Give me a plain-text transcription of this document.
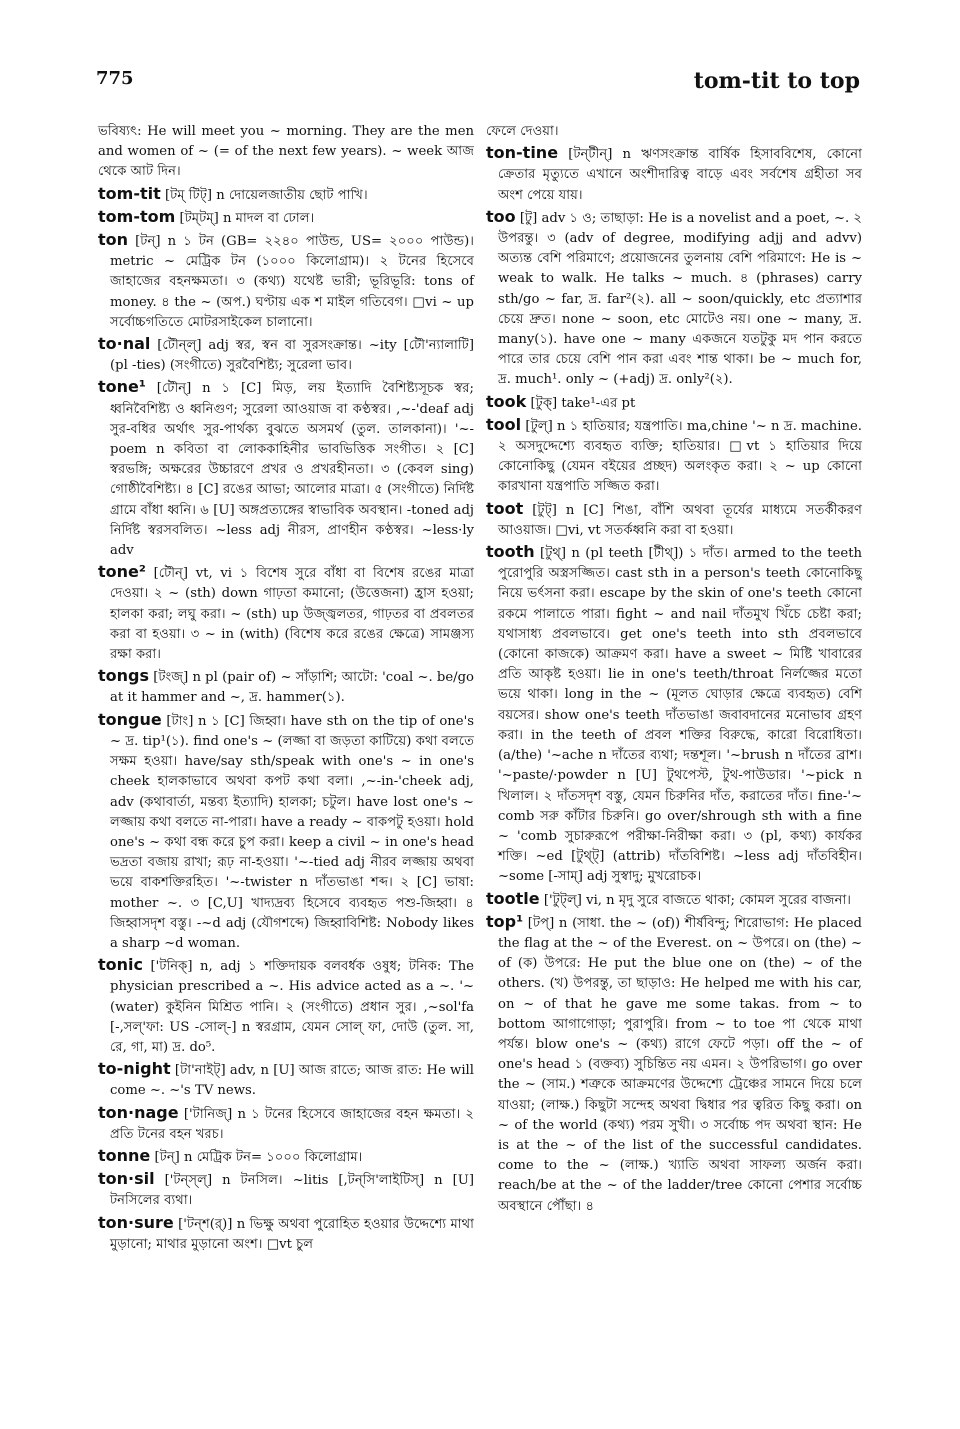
775	tom-tit to top

ভবিষ্যৎ: He will meet you ~ morning. They are the men and women of ~ (= of the next few years). ~ week আজ থেকে আট দিন।

tom-tit [টম্ টিট্] n দোয়েলজাতীয় ছোট পাখি।

tom-tom [টম্‌টম্] n মাদল বা ঢোল।

ton [টন্] n ১ টন (GB= ২২৪০ পাউন্ড, US= ২০০০ পাউন্ড)। metric ~ মেট্রিক টন (১০০০ কিলোগ্রাম)। ২ টনের হিসেবে জাহাজের বহনক্ষমতা। ৩ (কথ্য) যথেষ্ট ভারী; ভূরিভূরি: tons of money. ৪ the ~ (অপ.) ঘণ্টায় এক শ মাইল গতিবেগ। □vi ~ up সর্বোচ্চগতিতে মোটরসাইকেল চালানো।

to·nal [টৌন্‌ল্] adj স্বর, স্বন বা সুরসংক্রান্ত। ~ity [টৌ'ন্যালাটি] (pl -ties) (সংগীতে) সুরবৈশিষ্ট্য; সুরেলা ভাব।

tone¹ [টৌন্] n ১ [C] মিড়, লয় ইত্যাদি বৈশিষ্ট্যসূচক স্বর; ধ্বনিবৈশিষ্ট্য ও ধ্বনিগুণ; সুরেলা আওয়াজ বা কণ্ঠস্বর। ,~-'deaf adj সুর-বধির অর্থাৎ সুর-পার্থক্য বুঝতে অসমর্থ (তুল. তালকানা)। '~-poem n কবিতা বা লোককাহিনীর ভাবভিত্তিক সংগীত। ২ [C] স্বরভঙ্গি; অক্ষরের উচ্চারণে প্রখর ও প্রখরহীনতা। ৩ (কেবল sing) গোষ্ঠীবৈশিষ্ট্য। ৪ [C] রঙের আভা; আলোর মাত্রা। ৫ (সংগীতে) নির্দিষ্ট গ্রামে বাঁধা ধ্বনি। ৬ [U] অঙ্গপ্রত্যঙ্গের স্বাভাবিক অবস্থান। -toned adj নির্দিষ্ট স্বরসবলিত। ~less adj নীরস, প্রাণহীন কণ্ঠস্বর। ~less·ly adv

tone² [টৌন্] vt, vi ১ বিশেষ সুরে বাঁধা বা বিশেষ রঙের মাত্রা দেওয়া। ২ ~ (sth) down গাঢ়তা কমানো; (উত্তেজনা) হ্রাস হওয়া; হালকা করা; লঘু করা। ~ (sth) up উজ্জ্বলতর, গাঢ়তর বা প্রবলতর করা বা হওয়া। ৩ ~ in (with) (বিশেষ করে রঙের ক্ষেত্রে) সামঞ্জস্য রক্ষা করা।

tongs [টংজ্] n pl (pair of) ~ সাঁড়াশি; আটো: 'coal ~. be/go at it hammer and ~, দ্র. hammer(১).

tongue [টাং] n ১ [C] জিহ্বা। have sth on the tip of one's ~ দ্র. tip¹(১). find one's ~ (লজ্জা বা জড়তা কাটিয়ে) কথা বলতে সক্ষম হওয়া। have/say sth/speak with one's ~ in one's cheek হালকাভাবে অথবা কপট কথা বলা। ,~-in-'cheek adj, adv (কথাবার্তা, মন্তব্য ইত্যাদি) হালকা; চটুল। have lost one's ~ লজ্জায় কথা বলতে না-পারা। have a ready ~ বাকপটু হওয়া। hold one's ~ কথা বন্ধ করে চুপ করা। keep a civil ~ in one's head ভদ্রতা বজায় রাখা; রূঢ় না-হওয়া। '~-tied adj নীরব লজ্জায় অথবা ভয়ে বাকশক্তিরহিত। '~-twister n দাঁতভাঙা শব্দ। ২ [C] ভাষা: mother ~. ৩ [C,U] খাদ্যদ্রব্য হিসেবে ব্যবহৃত পশু-জিহ্বা। ৪ জিহ্বাসদৃশ বস্তু। -~d adj (যৌগশব্দে) জিহ্বাবিশিষ্ট: Nobody likes a sharp ~d woman.

tonic ['টনিক্] n, adj ১ শক্তিদায়ক বলবর্ধক ওষুধ; টনিক: The physician prescribed a ~. His advice acted as a ~. '~(water) কুইনিন মিশ্রিত পানি। ২ (সংগীতে) প্রধান সুর। ,~sol'fa [-,সল্'ফা: US -সোল্-] n স্বরগ্রাম, যেমন সোল্ ফা, দোউ (তুল. সা, রে, গা, মা) দ্র. do⁵.

to-night [টা'নাইট্] adv, n [U] আজ রাতে; আজ রাত: He will come ~. ~'s TV news.

ton·nage ['টানিজ্] n ১ টনের হিসেবে জাহাজের বহন ক্ষমতা। ২ প্রতি টনের বহন খরচ।

tonne [টন্] n মেট্রিক টন= ১০০০ কিলোগ্রাম।

ton·sil ['টন্‌স্‌ল্] n টনসিল। ~litis [,টন্‌সি'লাইটিস্] n [U] টনসিলের ব্যথা।

ton·sure ['টন্‌শ(র্)] n ভিক্ষু অথবা পুরোহিত হওয়ার উদ্দেশ্যে মাথা মুড়ানো; মাথার মুড়ানো অংশ। □vt চুল

ফেলে দেওয়া।

ton-tine [টন্‌টীন্] n ঋণসংক্রান্ত বার্ষিক হিসাববিশেষ, কোনো ক্রেতার মৃত্যুতে এখানে অংশীদারিত্ব বাড়ে এবং সর্বশেষ গ্রহীতা সব অংশ পেয়ে যায়।

too [টু] adv ১ ও; তাছাড়া: He is a novelist and a poet, ~. ২ উপরন্তু। ৩ (adv of degree, modifying adjj and advv) অত্যন্ত বেশি পরিমাণে; প্রয়োজনের তুলনায় বেশি পরিমাণে: He is ~ weak to walk. He talks ~ much. ৪ (phrases) carry sth/go ~ far, দ্র. far²(২). all ~ soon/quickly, etc প্রত্যাশার চেয়ে দ্রুত। none ~ soon, etc মোটেও নয়। one ~ many, দ্র. many(১). have one ~ many একজনে যতটুকু মদ পান করতে পারে তার চেয়ে বেশি পান করা এবং শান্ত থাকা। be ~ much for, দ্র. much¹. only ~ (+adj) দ্র. only²(২).

took [টুক্] take¹-এর pt

tool [টুল্] n ১ হাতিয়ার; যন্ত্রপাতি। ma,chine '~ n দ্র. machine. ২ অসদুদ্দেশ্যে ব্যবহৃত ব্যক্তি; হাতিয়ার। □vt ১ হাতিয়ার দিয়ে কোনোকিছু (যেমন বইয়ের প্রচ্ছদ) অলংকৃত করা। ২ ~ up কোনো কারখানা যন্ত্রপাতি সজ্জিত করা।

toot [টুট্] n [C] শিঙা, বাঁশি অথবা তূর্যের মাধ্যমে সতর্কীকরণ আওয়াজ। □vi, vt সতর্কধ্বনি করা বা হওয়া।

tooth [টুথ্] n (pl teeth [টীথ্]) ১ দাঁত। armed to the teeth পুরোপুরি অস্ত্রসজ্জিত। cast sth in a person's teeth কোনোকিছু নিয়ে ভর্ৎসনা করা। escape by the skin of one's teeth কোনো রকমে পালাতে পারা। fight ~ and nail দাঁতমুখ খিঁচে চেষ্টা করা; যথাসাধ্য প্রবলভাবে। get one's teeth into sth প্রবলভাবে (কোনো কাজকে) আক্রমণ করা। have a sweet ~ মিষ্টি খাবারের প্রতি আকৃষ্ট হওয়া। lie in one's teeth/throat নির্লজ্জের মতো ভয়ে থাকা। long in the ~ (মূলত ঘোড়ার ক্ষেত্রে ব্যবহৃত) বেশি বয়সের। show one's teeth দাঁতভাঙা জবাবদানের মনোভাব গ্রহণ করা। in the teeth of প্রবল শক্তির বিরুদ্ধে, কারো বিরোধিতা। (a/the) '~ache n দাঁতের ব্যথা; দন্তশূল। '~brush n দাঁতের ব্রাশ। '~paste/·powder n [U] টুথপেস্ট, টুথ-পাউডার। '~pick n খিলাল। ২ দাঁতসদৃশ বস্তু, যেমন চিরুনির দাঁত, করাতের দাঁত। fine-'~ comb সরু কাঁটার চিরুনি। go over/shrough sth with a fine ~ 'comb সুচারুরূপে পরীক্ষা-নিরীক্ষা করা। ৩ (pl, কথ্য) কার্যকর শক্তি। ~ed [টুথ্ট্] (attrib) দাঁতবিশিষ্ট। ~less adj দাঁতবিহীন। ~some [-সাম্] adj সুস্বাদু; মুখরোচক।

tootle ['টুট্‌ল্] vi, n মৃদু সুরে বাজতে থাকা; কোমল সুরের বাজনা।

top¹ [টপ্] n (সাধা. the ~ (of)) শীর্ষবিন্দু; শিরোভাগ: He placed the flag at the ~ of the Everest. on ~ উপরে। on (the) ~ of (ক) উপরে: He put the blue one on (the) ~ of the others. (খ) উপরন্তু, তা ছাড়াও: He helped me with his car, on ~ of that he gave me some takas. from ~ to bottom আগাগোড়া; পুরাপুরি। from ~ to toe পা থেকে মাথা পর্যন্ত। blow one's ~ (কথ্য) রাগে ফেটে পড়া। off the ~ of one's head ১ (বক্তব্য) সুচিন্তিত নয় এমন। ২ উপরিভাগ। go over the ~ (সাম.) শত্রুকে আক্রমণের উদ্দেশ্যে ট্রেঞ্চের সামনে দিয়ে চলে যাওয়া; (লাক্ষ.) কিছুটা সন্দেহ অথবা দ্বিধার পর ত্বরিত কিছু করা। on ~ of the world (কথ্য) পরম সুখী। ৩ সর্বোচ্চ পদ অথবা স্থান: He is at the ~ of the list of the successful candidates. come to the ~ (লাক্ষ.) খ্যাতি অথবা সাফল্য অর্জন করা। reach/be at the ~ of the ladder/tree কোনো পেশার সর্বোচ্চ অবস্থানে পৌঁছা। ৪
